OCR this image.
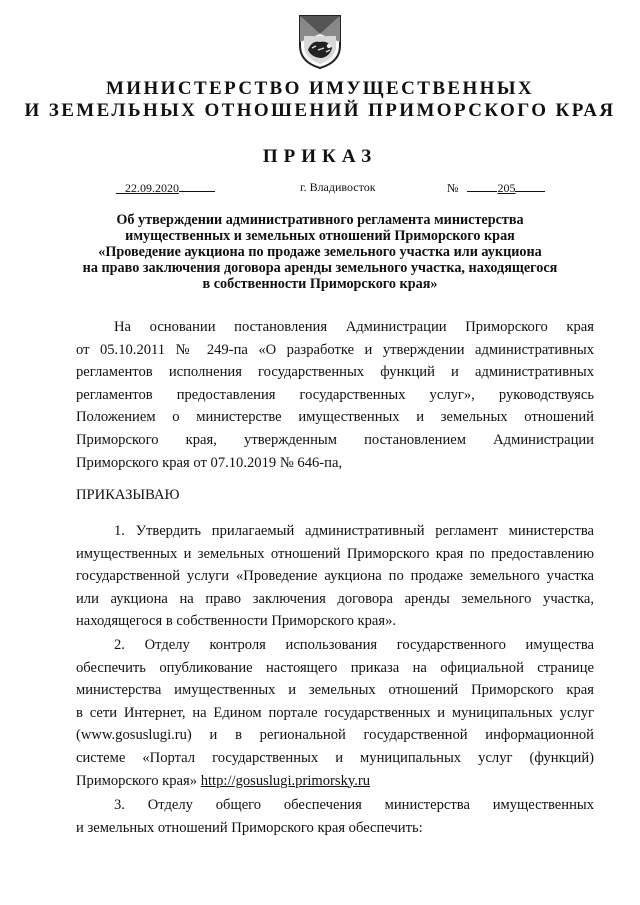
МИНИСТЕРСТВО ИМУЩЕСТВЕННЫХ
И ЗЕМЕЛЬНЫХ ОТНОШЕНИЙ ПРИМОРСКОГО КРАЯ
ПРИКАЗ
22.09.2020	г. Владивосток	№	205
Об утверждении административного регламента министерства
имущественных и земельных отношений Приморского края
«Проведение аукциона по продаже земельного участка или аукциона
на право заключения договора аренды земельного участка, находящегося
в собственности Приморского края»
На основании постановления Администрации Приморского края
от 05.10.2011 № 249-па «О разработке и утверждении административных
регламентов исполнения государственных функций и административных
регламентов предоставления государственных услуг», руководствуясь
Положением о министерстве имущественных и земельных отношений
Приморского края, утвержденным постановлением Администрации
Приморского края от 07.10.2019 № 646-па,
ПРИКАЗЫВАЮ
1. Утвердить прилагаемый административный регламент министерства
имущественных и земельных отношений Приморского края по предоставлению
государственной услуги «Проведение аукциона по продаже земельного участка
или аукциона на право заключения договора аренды земельного участка,
находящегося в собственности Приморского края».
2. Отделу контроля использования государственного имущества
обеспечить опубликование настоящего приказа на официальной странице
министерства имущественных и земельных отношений Приморского края
в сети Интернет, на Едином портале государственных и муниципальных услуг
(www.gosuslugi.ru) и в региональной государственной информационной
системе «Портал государственных и муниципальных услуг (функций)
Приморского края» http://gosuslugi.primorsky.ru
3. Отделу общего обеспечения министерства имущественных
и земельных отношений Приморского края обеспечить:
